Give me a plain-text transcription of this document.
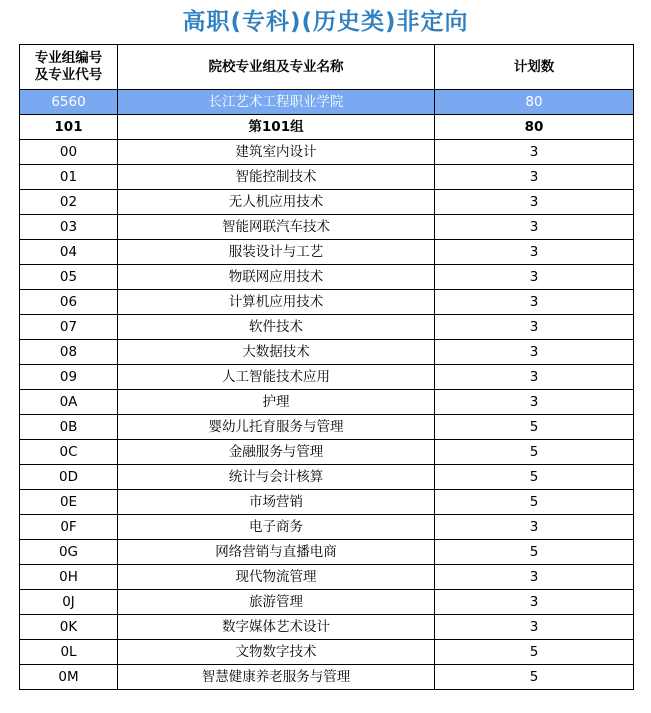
高职(专科)(历史类)非定向
专业组编号
及专业代号	院校专业组及专业名称	计划数
6560	长江艺术工程职业学院	80
101	第101组	80
00	建筑室内设计	3
01	智能控制技术	3
02	无人机应用技术	3
03	智能网联汽车技术	3
04	服装设计与工艺	3
05	物联网应用技术	3
06	计算机应用技术	3
07	软件技术	3
08	大数据技术	3
09	人工智能技术应用	3
0A	护理	3
0B	婴幼儿托育服务与管理	5
0C	金融服务与管理	5
0D	统计与会计核算	5
0E	市场营销	5
0F	电子商务	3
0G	网络营销与直播电商	5
0H	现代物流管理	3
0J	旅游管理	3
0K	数字媒体艺术设计	3
0L	文物数字技术	5
0M	智慧健康养老服务与管理	5
